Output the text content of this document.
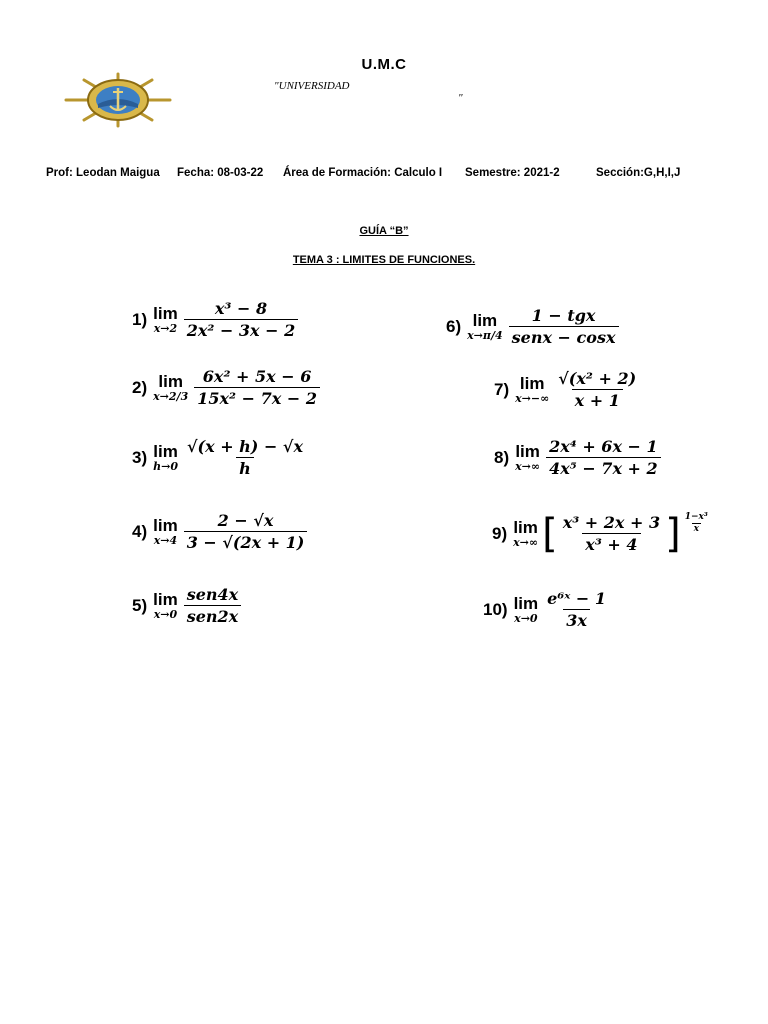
U.M.C
"UNIVERSIDAD
"
Prof: Leodan Maigua Fecha: 08-03-22 Área de Formación: Calculo I Semestre: 2021-2	Sección:G,H,I,J
GUÍA “B”
TEMA 3 : LIMITES DE FUNCIONES.
1) lim
$x\to 2 \frac{\text{x³ − 8}}{\text{2x² − 3x − 2}}$
2) lim
$x\to 2/3 \frac{\text{6x² + 5x − 6}}{\text{15x² − 7x − 2}}$
3) lim
$h\to 0 \frac{√(x + h) - √x}{h}$
4) lim
$x\to 4 \frac{2 - √x}{3 - √(2x + 1)}$
5) lim
$x\to 0 \frac{\text{sen4x}}{\text{sen2x}}$
6) lim
$x\to\pi/4 \frac{\text{1 − tgx}}{\text{senx − cosx}}$
7) lim
$x\to-\infty \frac{\text{√(x² + 2)}}{x + 1}$
8) lim
$x\to\infty \frac{\text{2x⁴ + 6x − 1}}{\text{4x⁵ − 7x + 2}}$
9) lim
x→∞ [ $\frac{\text{x³ + 2x + 3}}{\text{x³ + 4}}$ ] $\frac{\text{1−x³}}{x}$
10) lim
$x\to 0 \frac{\text{e⁶ˣ − 1}}{3x}$
